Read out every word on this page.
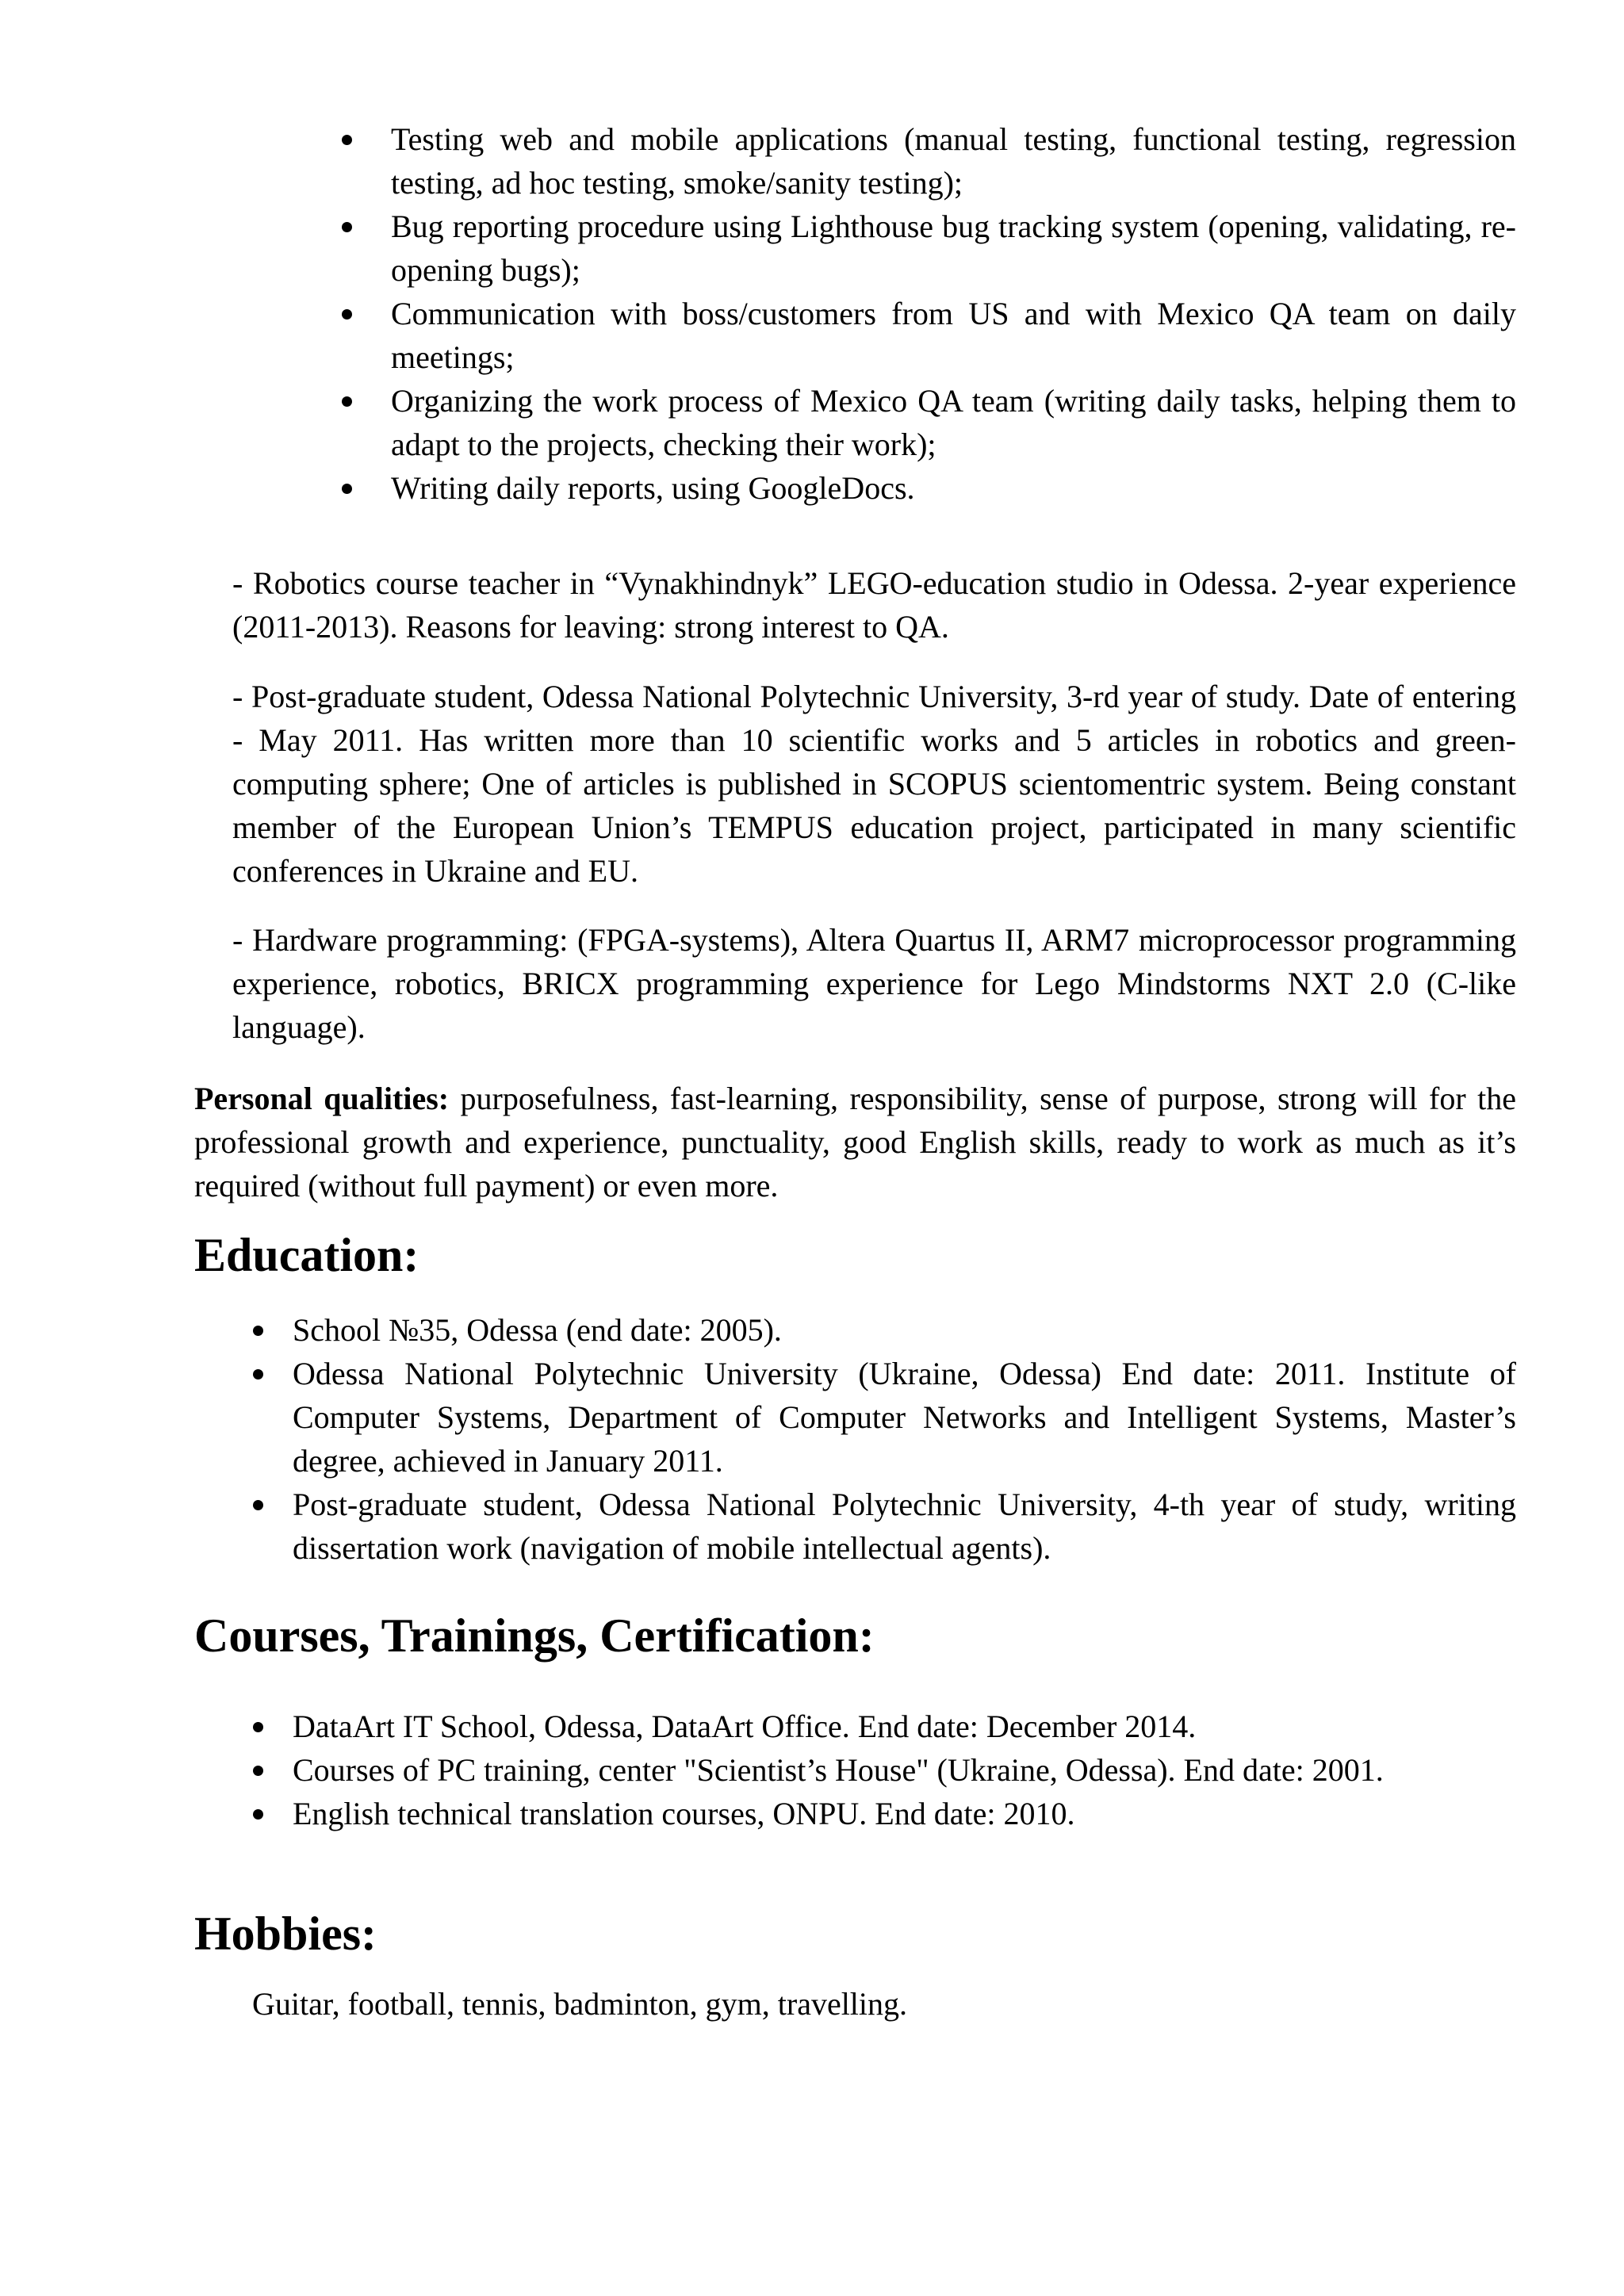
Testing web and mobile applications (manual testing, functional testing, regression testing, ad hoc testing, smoke/sanity testing);
Bug reporting procedure using Lighthouse bug tracking system (opening, validating, re-opening bugs);
Communication with boss/customers from US and with Mexico QA team on daily meetings;
Organizing the work process of Mexico QA team (writing daily tasks, helping them to adapt to the projects, checking their work);
Writing daily reports, using GoogleDocs.

- Robotics course teacher in “Vynakhindnyk” LEGO-education studio in Odessa. 2-year experience (2011-2013). Reasons for leaving: strong interest to QA.

- Post-graduate student, Odessa National Polytechnic University, 3-rd year of study. Date of entering - May 2011. Has written more than 10 scientific works and 5 articles in robotics and green-computing sphere; One of articles is published in SCOPUS scientomentric system. Being constant member of the European Union’s TEMPUS education project, participated in many scientific conferences in Ukraine and EU.

- Hardware programming: (FPGA-systems), Altera Quartus II, ARM7 microprocessor programming experience, robotics, BRICX programming experience for Lego Mindstorms NXT 2.0 (C-like language).

Personal qualities: purposefulness, fast-learning, responsibility, sense of purpose, strong will for the professional growth and experience, punctuality, good English skills, ready to work as much as it’s required (without full payment) or even more.

Education:
School №35, Odessa (end date: 2005).
Odessa National Polytechnic University (Ukraine, Odessa) End date: 2011. Institute of Computer Systems, Department of Computer Networks and Intelligent Systems, Master’s degree, achieved in January 2011.
Post-graduate student, Odessa National Polytechnic University, 4-th year of study, writing dissertation work (navigation of mobile intellectual agents).
Courses, Trainings, Certification:
DataArt IT School, Odessa, DataArt Office. End date: December 2014.
Courses of PC training, center "Scientist’s House" (Ukraine, Odessa). End date: 2001.
English technical translation courses, ONPU. End date: 2010.
Hobbies:

Guitar, football, tennis, badminton, gym, travelling.
